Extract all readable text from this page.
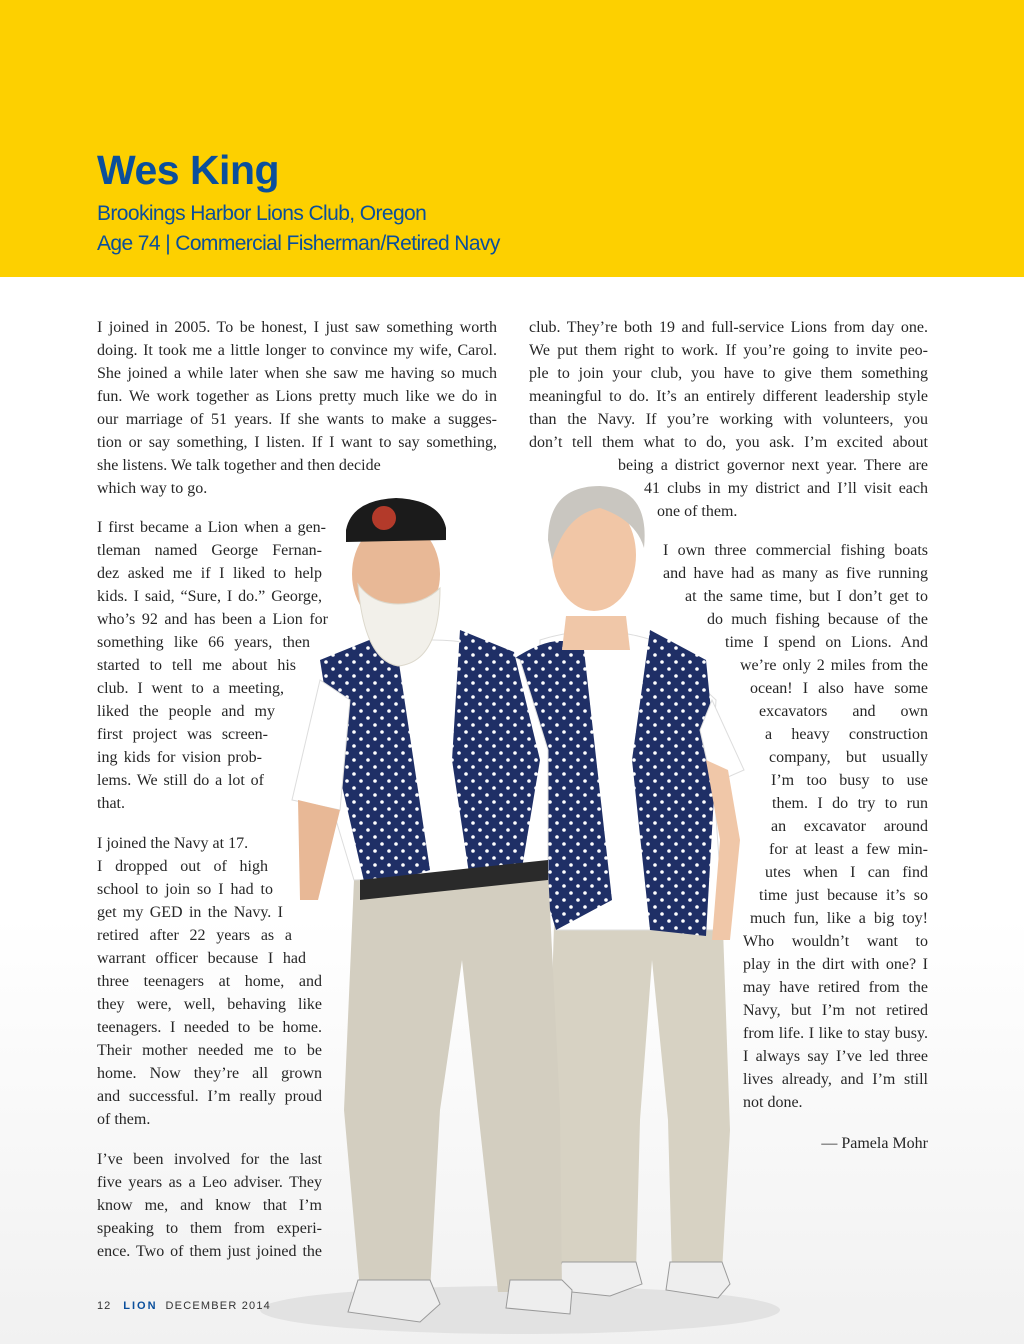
Wes King

Brookings Harbor Lions Club, Oregon

Age 74 | Commercial Fisherman/Retired Navy

I joined in 2005. To be honest, I just saw something worth

doing. It took me a little longer to convince my wife, Carol.

She joined a while later when she saw me having so much

fun. We work together as Lions pretty much like we do in

our marriage of 51 years. If she wants to make a sugges-

tion or say something, I listen. If I want to say something,

she listens. We talk together and then decide

which way to go.

I first became a Lion when a gen-

tleman named George Fernan-

dez asked me if I liked to help

kids. I said, “Sure, I do.” George,

who’s 92 and has been a Lion for

something like 66 years, then

started to tell me about his

club. I went to a meeting,

liked the people and my

first project was screen-

ing kids for vision prob-

lems. We still do a lot of

that.

I joined the Navy at 17.

I dropped out of high

school to join so I had to

get my GED in the Navy. I

retired after 22 years as a

warrant officer because I had

three teenagers at home, and

they were, well, behaving like

teenagers. I needed to be home.

Their mother needed me to be

home. Now they’re all grown

and successful. I’m really proud

of them.

I’ve been involved for the last

five years as a Leo adviser. They

know me, and know that I’m

speaking to them from experi-

ence. Two of them just joined the

club. They’re both 19 and full-service Lions from day one.

We put them right to work. If you’re going to invite peo-

ple to join your club, you have to give them something

meaningful to do. It’s an entirely different leadership style

than the Navy. If you’re working with volunteers, you

don’t tell them what to do, you ask. I’m excited about

being a district governor next year. There are

41 clubs in my district and I’ll visit each

one of them.

I own three commercial fishing boats

and have had as many as five running

at the same time, but I don’t get to

do much fishing because of the

time I spend on Lions. And

we’re only 2 miles from the

ocean! I also have some

excavators and own

a heavy construction

company, but usually

I’m too busy to use

them. I do try to run

an excavator around

for at least a few min-

utes when I can find

time just because it’s so

much fun, like a big toy!

Who wouldn’t want to

play in the dirt with one? I

may have retired from the

Navy, but I’m not retired

from life. I like to stay busy.

I always say I’ve led three

lives already, and I’m still

not done.

— Pamela Mohr

12 LION DECEMBER 2014
